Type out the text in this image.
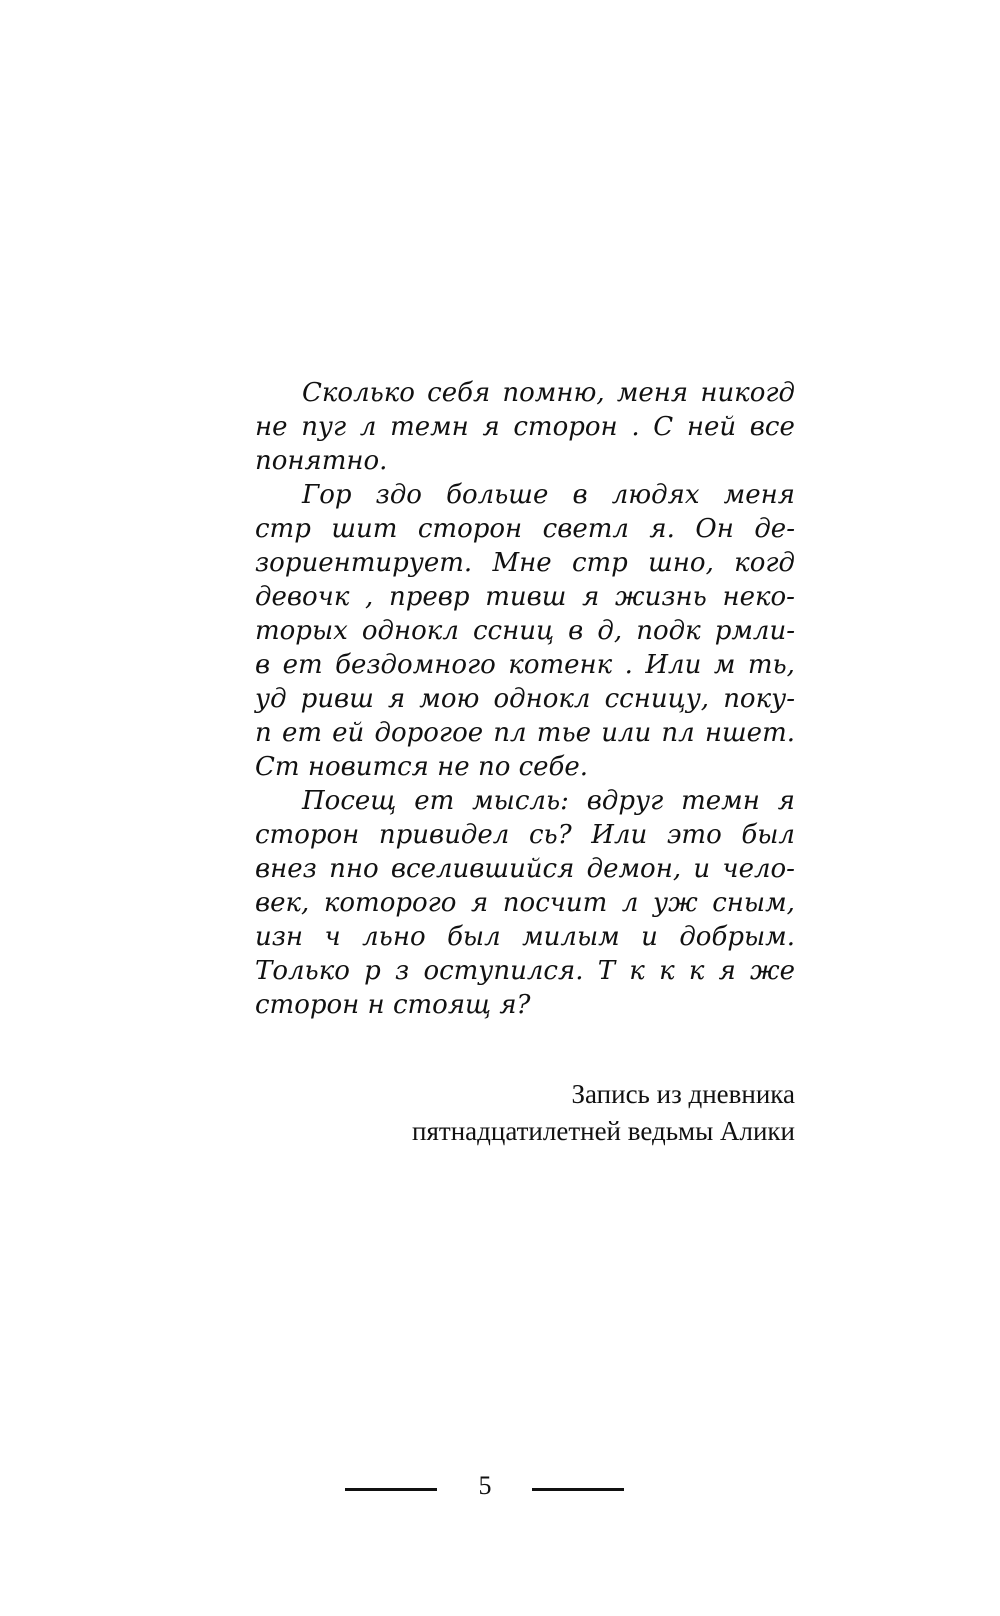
Сколько себя помню, меня никогд
не пуг л темн я сторон . С ней все
понятно.
Гор здо больше в людях меня
стр шит сторон светл я. Он де-
зориентирует. Мне стр шно, когд
девочк , превр тивш я жизнь неко-
торых однокл ссниц в д, подк рмли-
в ет бездомного котенк . Или м ть,
уд ривш я мою однокл ссницу, поку-
п ет ей дорогое пл тье или пл ншет.
Ст новится не по себе.
Посещ ет мысль: вдруг темн я
сторон привидел сь? Или это был
внез пно вселившийся демон, и чело-
век, которого я посчит л уж сным,
изн ч льно был милым и добрым.
Только р з оступился. Т к к к я же
сторон н стоящ я?
Запись из дневника
пятнадцатилетней ведьмы Алики
5
